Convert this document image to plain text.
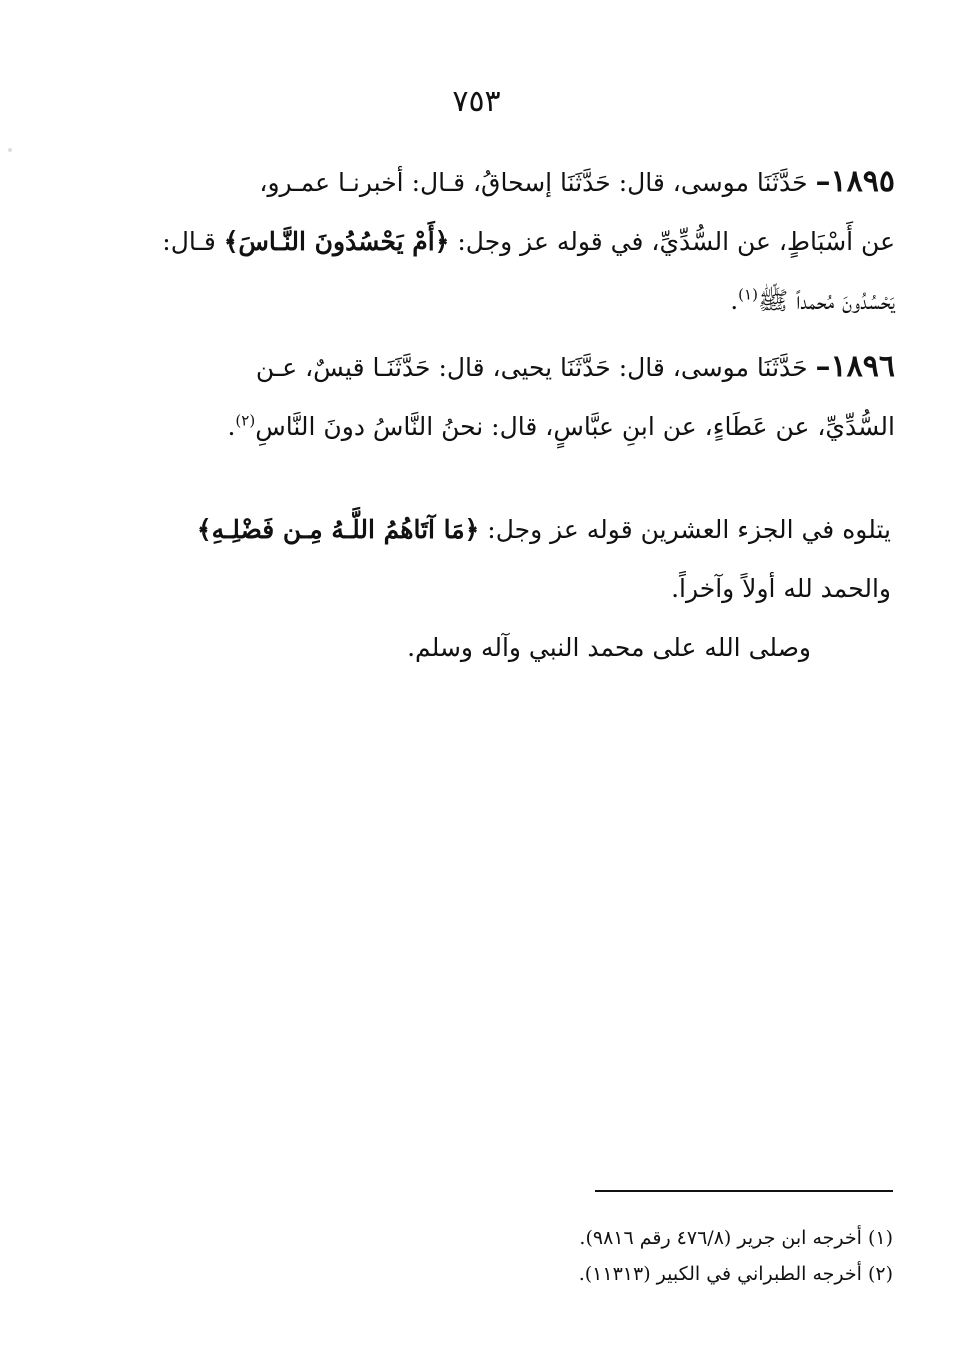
٧٥٣
١٨٩٥– حَدَّثَنَا موسى، قال: حَدَّثَنَا إسحاقُ، قـال: أخبرنـا عمـرو،
عن أَسْبَاطٍ، عن السُّدِّيِّ، في قوله عز وجل: ﴿أَمْ يَحْسُدُونَ النَّـاسَ﴾ قـال:
يَحْسُدُونَ مُحمداً ﷺ$^{(١)}$.
١٨٩٦– حَدَّثَنَا موسى، قال: حَدَّثَنَا يحيى، قال: حَدَّثَنَـا قيسٌ، عـن
السُّدِّيِّ، عن عَطَاءٍ، عن ابنِ عبَّاسٍ، قال: نحنُ النَّاسُ دونَ النَّاسِ$^{(٢)}$.
يتلوه في الجزء العشرين قوله عز وجل: ﴿مَا آتَاهُمُ اللَّـهُ مِـن فَضْلِـهِ﴾
والحمد لله أولاً وآخراً.
وصلى الله على محمد النبي وآله وسلم.
(١) أخرجه ابن جرير (٤٧٦/٨ رقم ٩٨١٦).
(٢) أخرجه الطبراني في الكبير (١١٣١٣).
